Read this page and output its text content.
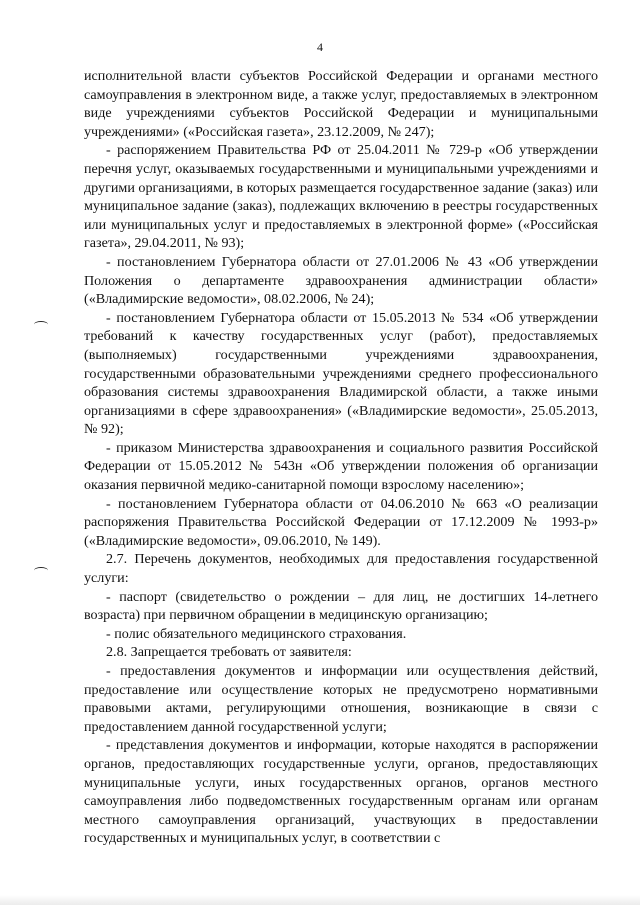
4

исполнительной власти субъектов Российской Федерации и органами местного самоуправления в электронном виде, а также услуг, предоставляемых в электронном виде учреждениями субъектов Российской Федерации и муниципальными учреждениями» («Российская газета», 23.12.2009, № 247);

- распоряжением Правительства РФ от 25.04.2011 № 729-р «Об утверждении перечня услуг, оказываемых государственными и муниципальными учреждениями и другими организациями, в которых размещается государственное задание (заказ) или муниципальное задание (заказ), подлежащих включению в реестры государственных или муниципальных услуг и предоставляемых в электронной форме» («Российская газета», 29.04.2011, № 93);

- постановлением Губернатора области от 27.01.2006 № 43 «Об утверждении Положения о департаменте здравоохранения администрации области» («Владимирские ведомости», 08.02.2006, № 24);

- постановлением Губернатора области от 15.05.2013 № 534 «Об утверждении требований к качеству государственных услуг (работ), предоставляемых (выполняемых) государственными учреждениями здравоохранения, государственными образовательными учреждениями среднего профессионального образования системы здравоохранения Владимирской области, а также иными организациями в сфере здравоохранения» («Владимирские ведомости», 25.05.2013, № 92);

- приказом Министерства здравоохранения и социального развития Российской Федерации от 15.05.2012 № 543н «Об утверждении положения об организации оказания первичной медико-санитарной помощи взрослому населению»;

- постановлением Губернатора области от 04.06.2010 № 663 «О реализации распоряжения Правительства Российской Федерации от 17.12.2009 № 1993-р» («Владимирские ведомости», 09.06.2010, № 149).

2.7. Перечень документов, необходимых для предоставления государственной услуги:

- паспорт (свидетельство о рождении – для лиц, не достигших 14-летнего возраста) при первичном обращении в медицинскую организацию;

- полис обязательного медицинского страхования.

2.8. Запрещается требовать от заявителя:

- предоставления документов и информации или осуществления действий, предоставление или осуществление которых не предусмотрено нормативными правовыми актами, регулирующими отношения, возникающие в связи с предоставлением данной государственной услуги;

- представления документов и информации, которые находятся в распоряжении органов, предоставляющих государственные услуги, органов, предоставляющих муниципальные услуги, иных государственных органов, органов местного самоуправления либо подведомственных государственным органам или органам местного самоуправления организаций, участвующих в предоставлении государственных и муниципальных услуг, в соответствии с
